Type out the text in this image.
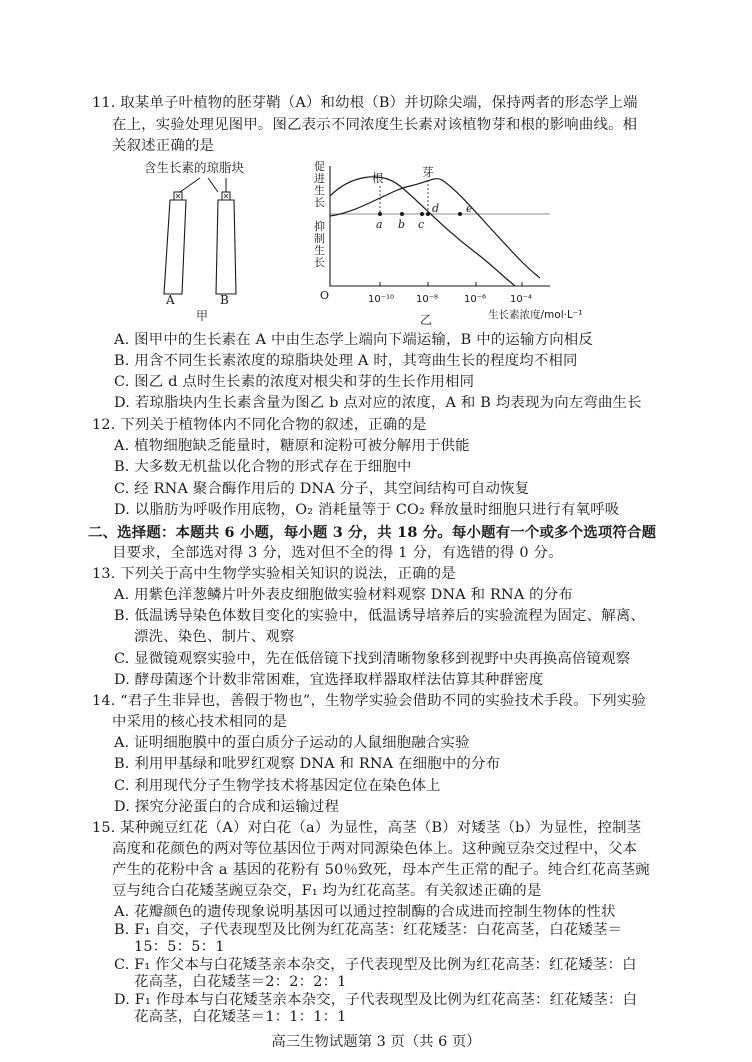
11. 取某单子叶植物的胚芽鞘（A）和幼根（B）并切除尖端，保持两者的形态学上端
在上，实验处理见图甲。图乙表示不同浓度生长素对该植物芽和根的影响曲线。相
关叙述正确的是
含生长素的琼脂块
A	B
甲
促进生长
抑制生长
O	10⁻¹⁰ 10⁻⁸	10⁻⁶ 10⁻⁴
生长素浓度/mol·L⁻¹
根	芽
a b c
d e
乙
A. 图甲中的生长素在 A 中由生态学上端向下端运输，B 中的运输方向相反
B. 用含不同生长素浓度的琼脂块处理 A 时，其弯曲生长的程度均不相同
C. 图乙 d 点时生长素的浓度对根尖和芽的生长作用相同
D. 若琼脂块内生长素含量为图乙 b 点对应的浓度，A 和 B 均表现为向左弯曲生长
12. 下列关于植物体内不同化合物的叙述，正确的是
A. 植物细胞缺乏能量时，糖原和淀粉可被分解用于供能
B. 大多数无机盐以化合物的形式存在于细胞中
C. 经 RNA 聚合酶作用后的 DNA 分子，其空间结构可自动恢复
D. 以脂肪为呼吸作用底物，O₂ 消耗量等于 CO₂ 释放量时细胞只进行有氧呼吸
二、选择题：本题共 6 小题，每小题 3 分，共 18 分。每小题有一个或多个选项符合题
目要求，全部选对得 3 分，选对但不全的得 1 分，有选错的得 0 分。
13. 下列关于高中生物学实验相关知识的说法，正确的是
A. 用紫色洋葱鳞片叶外表皮细胞做实验材料观察 DNA 和 RNA 的分布
B. 低温诱导染色体数目变化的实验中，低温诱导培养后的实验流程为固定、解离、
漂洗、染色、制片、观察
C. 显微镜观察实验中，先在低倍镜下找到清晰物象移到视野中央再换高倍镜观察
D. 酵母菌逐个计数非常困难，宜选择取样器取样法估算其种群密度
14. “君子生非异也，善假于物也”，生物学实验会借助不同的实验技术手段。下列实验
中采用的核心技术相同的是
A. 证明细胞膜中的蛋白质分子运动的人鼠细胞融合实验
B. 利用甲基绿和吡罗红观察 DNA 和 RNA 在细胞中的分布
C. 利用现代分子生物学技术将基因定位在染色体上
D. 探究分泌蛋白的合成和运输过程
15. 某种豌豆红花（A）对白花（a）为显性，高茎（B）对矮茎（b）为显性，控制茎
高度和花颜色的两对等位基因位于两对同源染色体上。这种豌豆杂交过程中，父本
产生的花粉中含 a 基因的花粉有 50％致死，母本产生正常的配子。纯合红花高茎豌
豆与纯合白花矮茎豌豆杂交，F₁ 均为红花高茎。有关叙述正确的是
A. 花瓣颜色的遗传现象说明基因可以通过控制酶的合成进而控制生物体的性状
B. F₁ 自交，子代表现型及比例为红花高茎：红花矮茎：白花高茎，白花矮茎＝
15：5：5：1
C. F₁ 作父本与白花矮茎亲本杂交，子代表现型及比例为红花高茎：红花矮茎：白
花高茎，白花矮茎＝2：2：2：1
D. F₁ 作母本与白花矮茎亲本杂交，子代表现型及比例为红花高茎：红花矮茎：白
花高茎，白花矮茎＝1：1：1：1
高三生物试题第 3 页（共 6 页）
